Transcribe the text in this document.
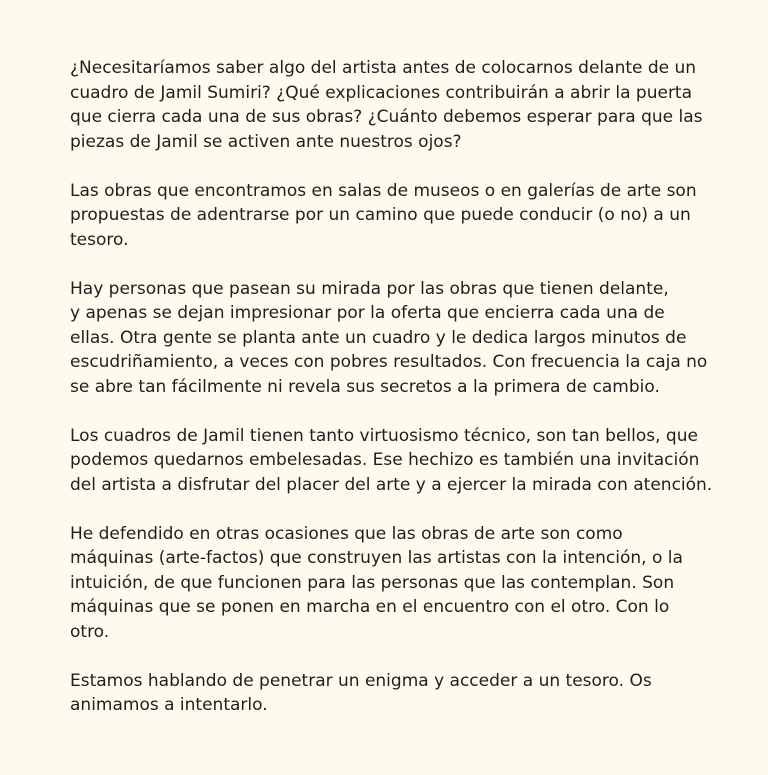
¿Necesitaríamos saber algo del artista antes de colocarnos delante de un
cuadro de Jamil Sumiri? ¿Qué explicaciones contribuirán a abrir la puerta
que cierra cada una de sus obras? ¿Cuánto debemos esperar para que las
piezas de Jamil se activen ante nuestros ojos?

Las obras que encontramos en salas de museos o en galerías de arte son
propuestas de adentrarse por un camino que puede conducir (o no) a un
tesoro.

Hay personas que pasean su mirada por las obras que tienen delante,
y apenas se dejan impresionar por la oferta que encierra cada una de
ellas. Otra gente se planta ante un cuadro y le dedica largos minutos de
escudriñamiento, a veces con pobres resultados. Con frecuencia la caja no
se abre tan fácilmente ni revela sus secretos a la primera de cambio.

Los cuadros de Jamil tienen tanto virtuosismo técnico, son tan bellos, que
podemos quedarnos embelesadas. Ese hechizo es también una invitación
del artista a disfrutar del placer del arte y a ejercer la mirada con atención.

He defendido en otras ocasiones que las obras de arte son como
máquinas (arte-factos) que construyen las artistas con la intención, o la
intuición, de que funcionen para las personas que las contemplan. Son
máquinas que se ponen en marcha en el encuentro con el otro. Con lo
otro.

Estamos hablando de penetrar un enigma y acceder a un tesoro. Os
animamos a intentarlo.
